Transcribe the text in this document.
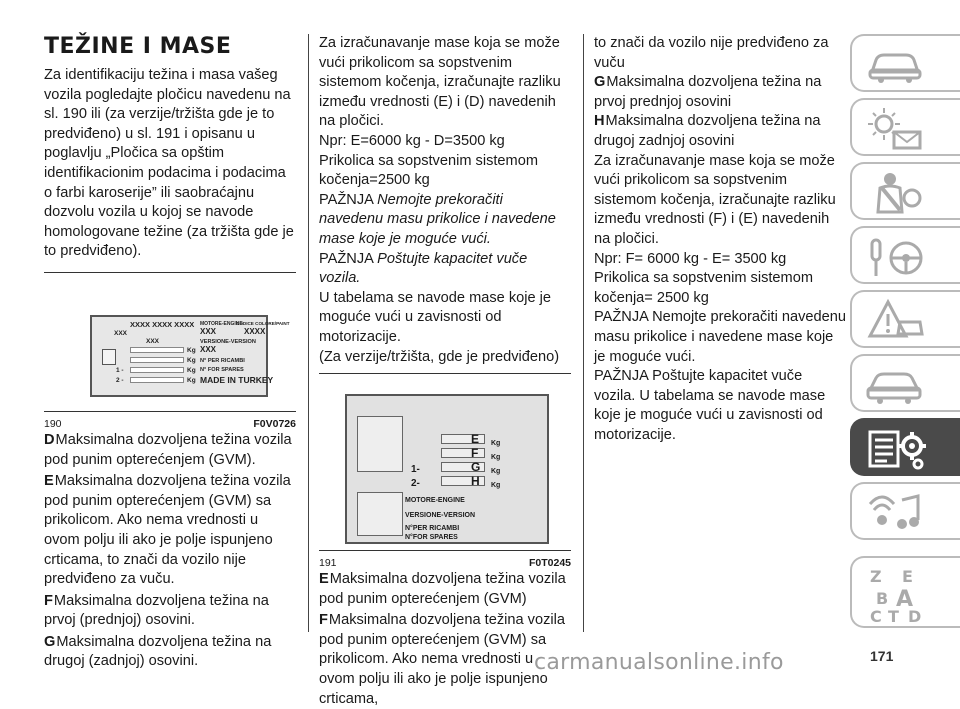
TEŽINE I MASE

Za identifikaciju težina i masa vašeg vozila pogledajte pločicu navedenu na sl. 190 ili (za verzije/tržišta gde je to predviđeno) u sl. 191 i opisanu u poglavlju „Pločica sa opštim identifikacionim podacima i podacima o farbi karoserije” ili saobraćajnu dozvolu vozila u kojoj se navode homologovane težine (za tržišta gde je to predviđeno).

XXXX XXXX XXXX
XXX
XXX
Kg
Kg
Kg
Kg
1 -
2 -
MOTORE-ENGINE
CODICE COLORE/PAINT
XXX	XXXX
VERSIONE-VERSION
XXX
N° PER RICAMBI
N° FOR SPARES
MADE IN TURKEY
190	F0V0726

DMaksimalna dozvoljena težina vozila pod punim opterećenjem (GVM).

EMaksimalna dozvoljena težina vozila pod punim opterećenjem (GVM) sa prikolicom. Ako nema vrednosti u ovom polju ili ako je polje ispunjeno crticama, to znači da vozilo nije predviđeno za vuču.

FMaksimalna dozvoljena težina na prvoj (prednjoj) osovini.

GMaksimalna dozvoljena težina na drugoj (zadnjoj) osovini.

Za izračunavanje mase koja se može vući prikolicom sa sopstvenim sistemom kočenja, izračunajte razliku između vrednosti (E) i (D) navedenih na pločici.

Npr: E=6000 kg - D=3500 kg

Prikolica sa sopstvenim sistemom kočenja=2500 kg

PAŽNJA Nemojte prekoračiti navedenu masu prikolice i navedene mase koje je moguće vući.

PAŽNJA Poštujte kapacitet vuče vozila.

U tabelama se navode mase koje je moguće vući u zavisnosti od motorizacije.

(Za verzije/tržišta, gde je predviđeno)

E
F
G
H
Kg
Kg
Kg
Kg
1-
2-
MOTORE-ENGINE
VERSIONE-VERSION
N°PER RICAMBI
N°FOR SPARES
191	F0T0245

EMaksimalna dozvoljena težina vozila pod punim opterećenjem (GVM)

FMaksimalna dozvoljena težina vozila pod punim opterećenjem (GVM) sa prikolicom. Ako nema vrednosti u ovom polju ili ako je polje ispunjeno crticama,

to znači da vozilo nije predviđeno za vuču

GMaksimalna dozvoljena težina na prvoj prednjoj osovini

HMaksimalna dozvoljena težina na drugoj zadnjoj osovini

Za izračunavanje mase koja se može vući prikolicom sa sopstvenim sistemom kočenja, izračunajte razliku između vrednosti (F) i (E) navedenih na pločici.

Npr: F= 6000 kg - E= 3500 kg

Prikolica sa sopstvenim sistemom kočenja= 2500 kg

PAŽNJA Nemojte prekoračiti navedenu masu prikolice i navedene mase koje je moguće vući.

PAŽNJA Poštujte kapacitet vuče vozila. U tabelama se navode mase koje je moguće vući u zavisnosti od motorizacije.

Z E
B A
C T D
171
carmanualsonline.info
